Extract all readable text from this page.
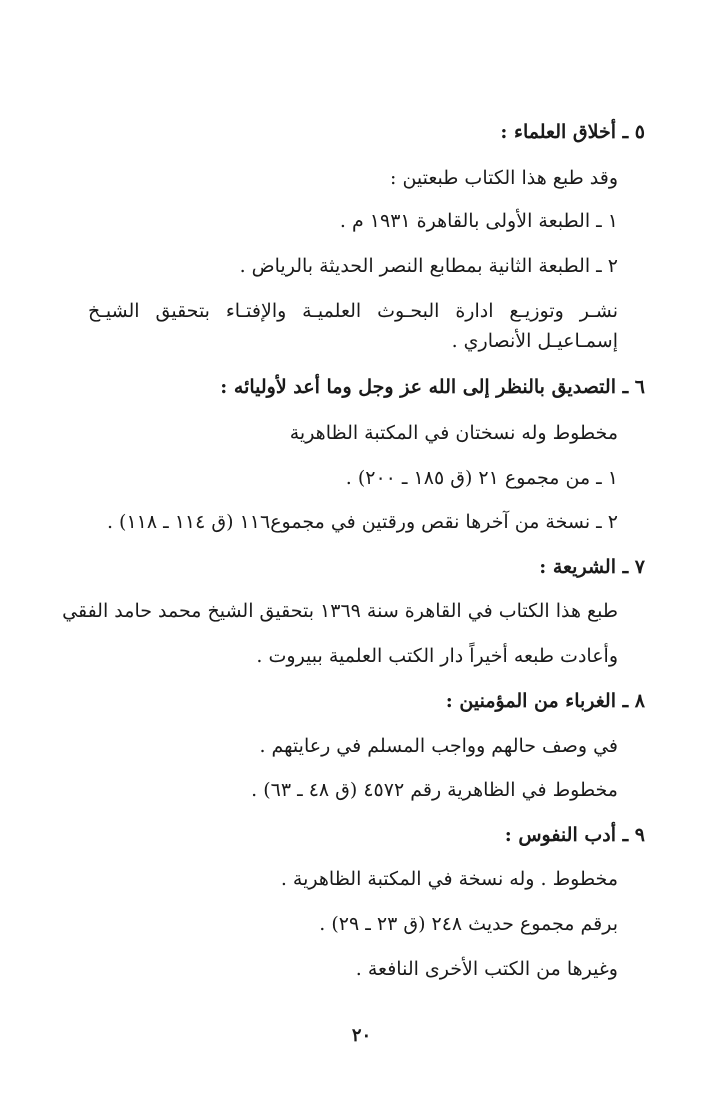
٥ ـ أخلاق العلماء :

وقد طبع هذا الكتاب طبعتين :

١ ـ الطبعة الأولى بالقاهرة ١٩٣١ م .

٢ ـ الطبعة الثانية بمطابع النصر الحديثة بالرياض .

نشـر وتوزيـع ادارة البحـوث العلميـة والإفتـاء بتحقيق الشيـخ إسمـاعيـل الأنصاري .

٦ ـ التصديق بالنظر إلى الله عز وجل وما أعد لأوليائه :

مخطوط وله نسختان في المكتبة الظاهرية

١ ـ من مجموع ٢١ (ق ١٨٥ ـ ٢٠٠) .

٢ ـ نسخة من آخرها نقص ورقتين في مجموع١١٦ (ق ١١٤ ـ ١١٨) .

٧ ـ الشريعة :

طبع هذا الكتاب في القاهرة سنة ١٣٦٩ بتحقيق الشيخ محمد حامد الفقي

وأعادت طبعه أخيراً دار الكتب العلمية ببيروت .

٨ ـ الغرباء من المؤمنين :

في وصف حالهم وواجب المسلم في رعايتهم .

مخطوط في الظاهرية رقم ٤٥٧٢ (ق ٤٨ ـ ٦٣) .

٩ ـ أدب النفوس :

مخطوط . وله نسخة في المكتبة الظاهرية .

برقم مجموع حديث ٢٤٨ (ق ٢٣ ـ ٢٩) .

وغيرها من الكتب الأخرى النافعة .

٢٠
